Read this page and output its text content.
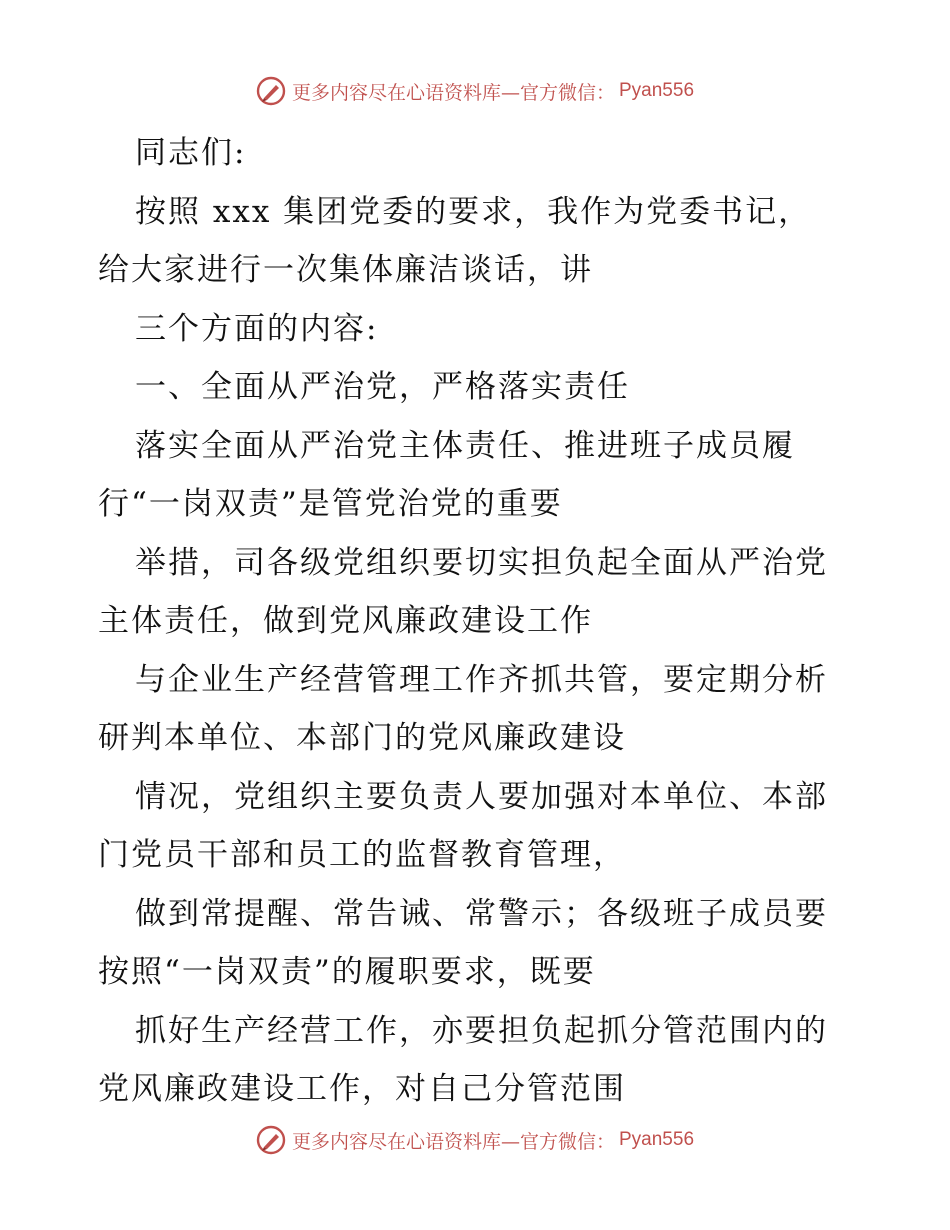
更多内容尽在心语资料库—官方微信： Pyan556
同志们:
按照 xxx 集团党委的要求，我作为党委书记，
给大家进行一次集体廉洁谈话，讲
三个方面的内容:
一、全面从严治党，严格落实责任
落实全面从严治党主体责任、推进班子成员履
行“一岗双责”是管党治党的重要
举措，司各级党组织要切实担负起全面从严治党
主体责任，做到党风廉政建设工作
与企业生产经营管理工作齐抓共管，要定期分析
研判本单位、本部门的党风廉政建设
情况，党组织主要负责人要加强对本单位、本部
门党员干部和员工的监督教育管理，
做到常提醒、常告诫、常警示；各级班子成员要
按照“一岗双责”的履职要求，既要
抓好生产经营工作，亦要担负起抓分管范围内的
党风廉政建设工作，对自己分管范围
更多内容尽在心语资料库—官方微信： Pyan556
